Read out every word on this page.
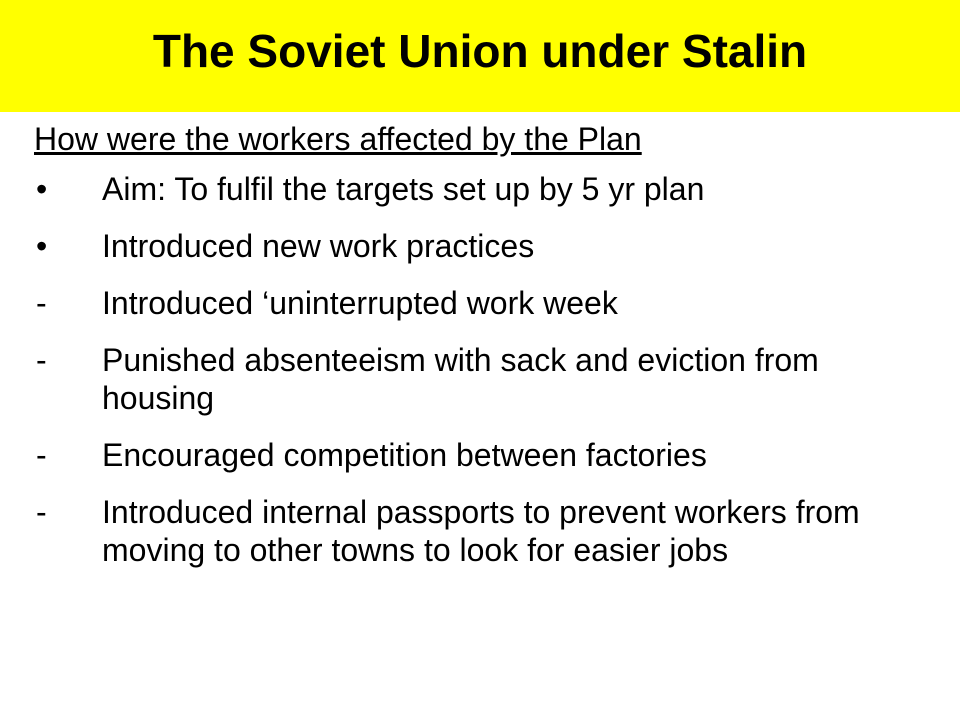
The Soviet Union under Stalin
How were the workers affected by the Plan
•	Aim: To fulfil the targets set up by 5 yr plan
•	Introduced new work practices
-	Introduced ‘uninterrupted work week
-	Punished absenteeism with sack and eviction from housing
-	Encouraged competition between factories
-	Introduced internal passports to prevent workers from moving to other towns to look for easier jobs
